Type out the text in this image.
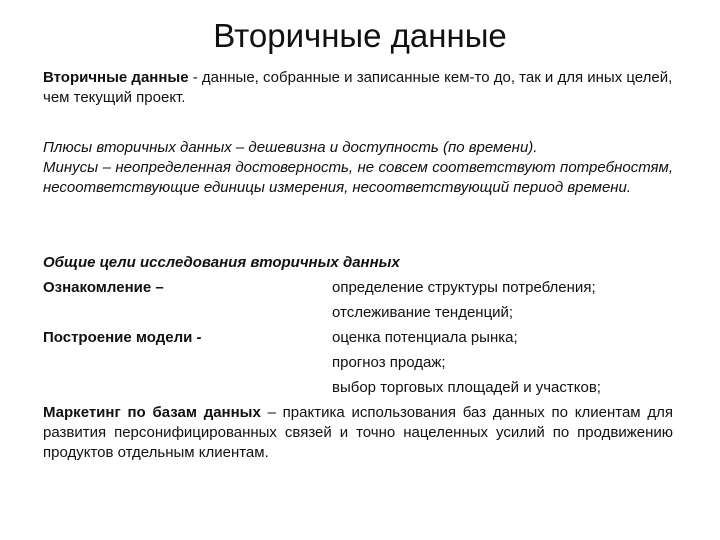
Вторичные данные
Вторичные данные - данные, собранные и записанные кем-то до, так и для иных целей, чем текущий проект.
Плюсы вторичных данных – дешевизна и доступность (по времени).
Минусы – неопределенная достоверность, не совсем соответствуют потребностям, несоответствующие единицы измерения, несоответствующий период времени.
Общие цели исследования вторичных данных
Ознакомление –	определение структуры потребления;
отслеживание тенденций;
Построение модели -	оценка потенциала рынка;
прогноз продаж;
выбор торговых площадей и участков;
Маркетинг по базам данных – практика использования баз данных по клиентам для развития персонифицированных связей и точно нацеленных усилий по продвижению продуктов отдельным клиентам.
